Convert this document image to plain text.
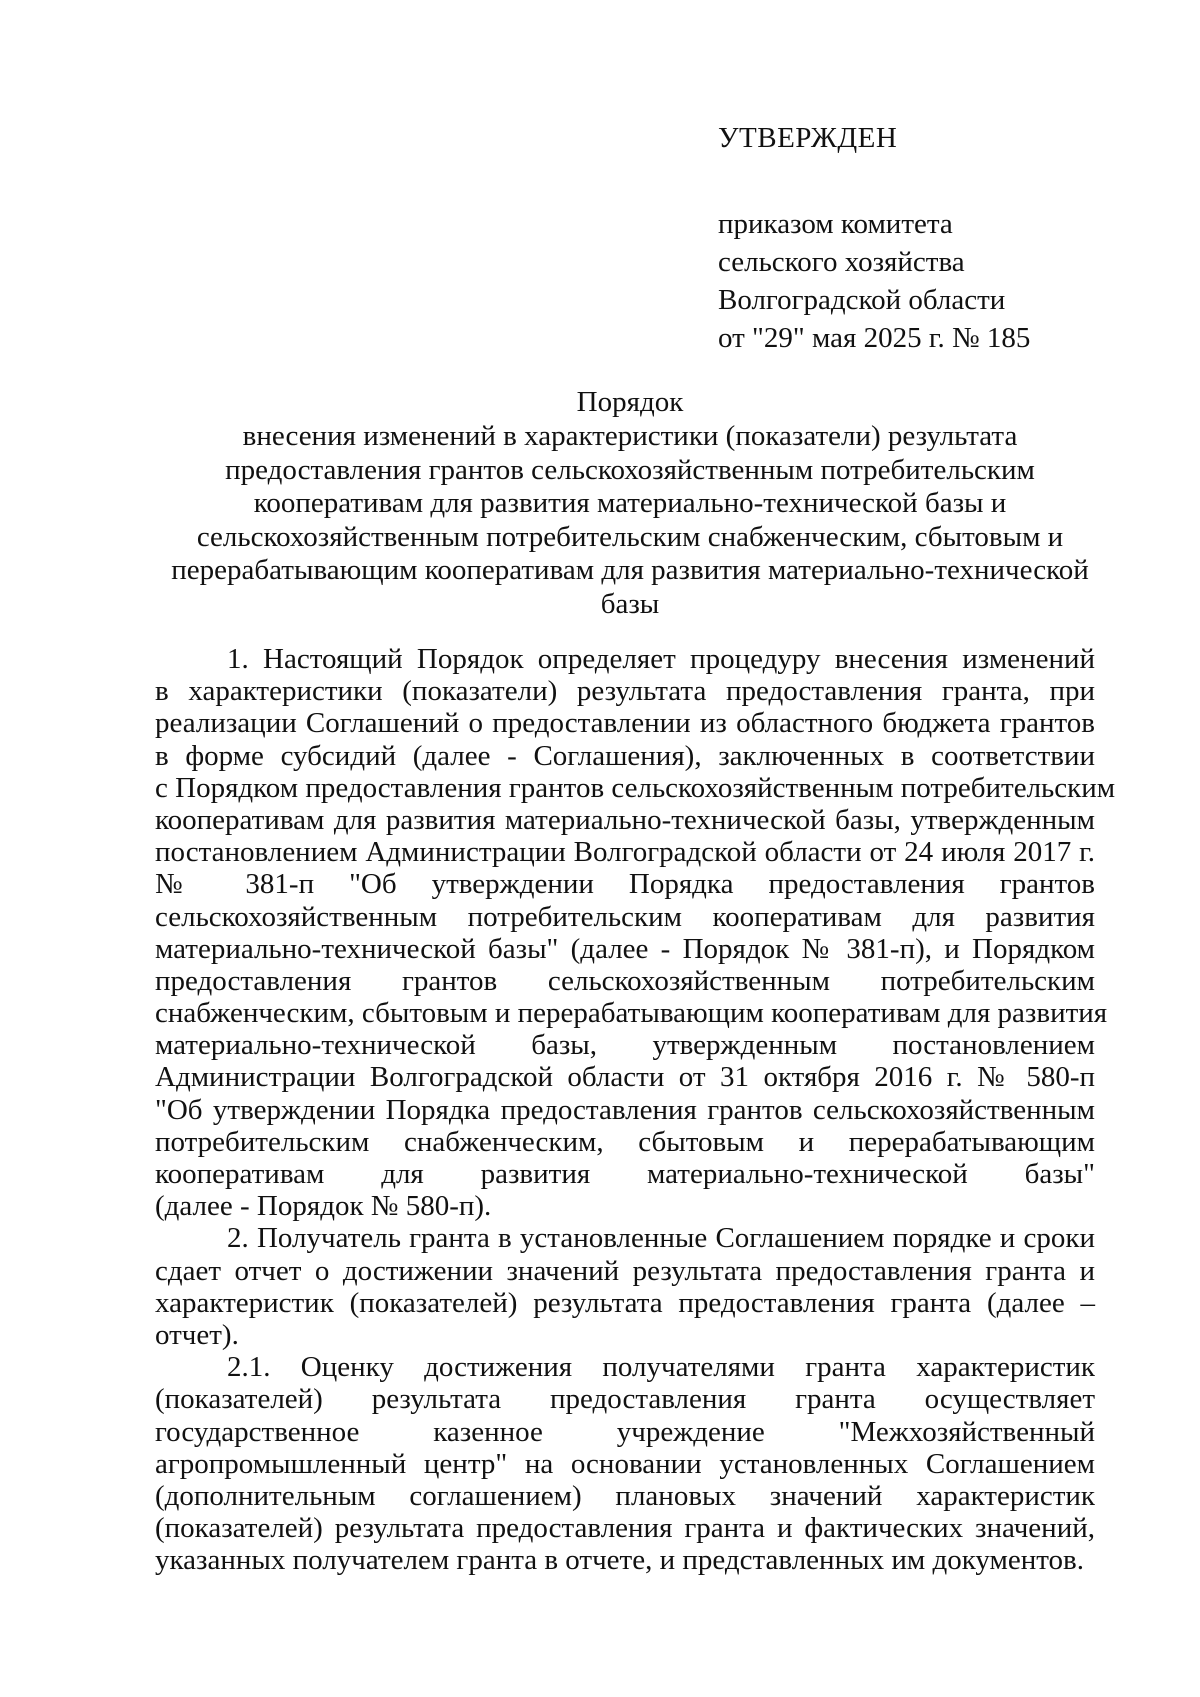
УТВЕРЖДЕН
приказом комитета
сельского хозяйства
Волгоградской области
от "29" мая 2025 г. № 185
Порядок
внесения изменений в характеристики (показатели) результата
предоставления грантов сельскохозяйственным потребительским
кооперативам для развития материально-технической базы и
сельскохозяйственным потребительским снабженческим, сбытовым и
перерабатывающим кооперативам для развития материально-технической
базы
1. Настоящий Порядок определяет процедуру внесения изменений
в характеристики (показатели) результата предоставления гранта, при
реализации Соглашений о предоставлении из областного бюджета грантов
в форме субсидий (далее - Соглашения), заключенных в соответствии
с Порядком предоставления грантов сельскохозяйственным потребительским
кооперативам для развития материально-технической базы, утвержденным
постановлением Администрации Волгоградской области от 24 июля 2017 г.
№ 381-п "Об утверждении Порядка предоставления грантов
сельскохозяйственным потребительским кооперативам для развития
материально-технической базы" (далее - Порядок № 381-п), и Порядком
предоставления грантов сельскохозяйственным потребительским
снабженческим, сбытовым и перерабатывающим кооперативам для развития
материально-технической базы, утвержденным постановлением
Администрации Волгоградской области от 31 октября 2016 г. № 580-п
"Об утверждении Порядка предоставления грантов сельскохозяйственным
потребительским снабженческим, сбытовым и перерабатывающим
кооперативам для развития материально-технической базы"
(далее - Порядок № 580-п).
2. Получатель гранта в установленные Соглашением порядке и сроки
сдает отчет о достижении значений результата предоставления гранта и
характеристик (показателей) результата предоставления гранта (далее –
отчет).
2.1. Оценку достижения получателями гранта характеристик
(показателей) результата предоставления гранта осуществляет
государственное казенное учреждение "Межхозяйственный
агропромышленный центр" на основании установленных Соглашением
(дополнительным соглашением) плановых значений характеристик
(показателей) результата предоставления гранта и фактических значений,
указанных получателем гранта в отчете, и представленных им документов.
